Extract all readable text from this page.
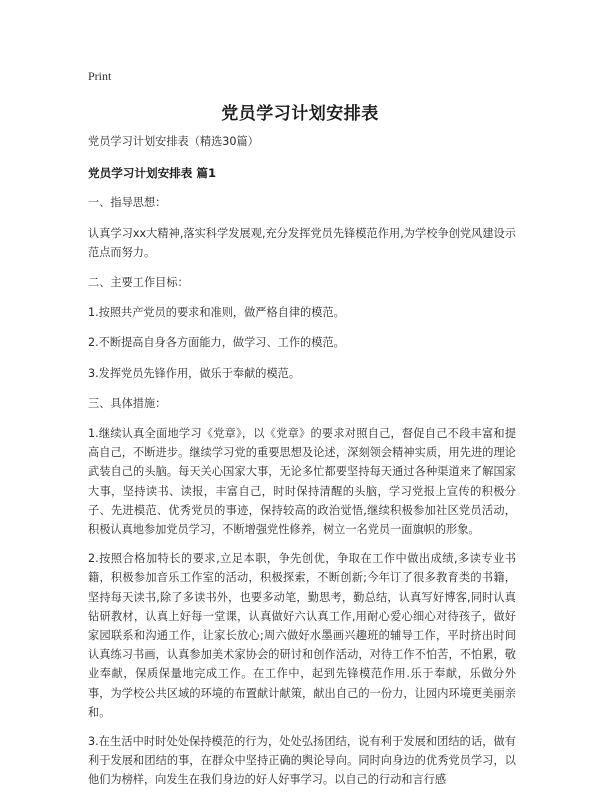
Print
党员学习计划安排表
党员学习计划安排表（精选30篇）
党员学习计划安排表 篇1

一、指导思想：

认真学习xx大精神,落实科学发展观,充分发挥党员先锋模范作用,为学校争创党风建设示范点而努力。

二、主要工作目标：

1.按照共产党员的要求和准则，做严格自律的模范。

2.不断提高自身各方面能力，做学习、工作的模范。

3.发挥党员先锋作用，做乐于奉献的模范。

三、具体措施：

1.继续认真全面地学习《党章》，以《党章》的要求对照自己，督促自己不段丰富和提高自己，不断进步。继续学习党的重要思想及论述，深刻领会精神实质，用先进的理论武装自己的头脑。每天关心国家大事，无论多忙都要坚持每天通过各种渠道来了解国家大事，坚持读书、读报，丰富自己，时时保持清醒的头脑，学习党报上宣传的积极分子、先进模范、优秀党员的事迹，保持较高的政治觉悟,继续积极参加社区党员活动，积极认真地参加党员学习，不断增强党性修养，树立一名党员一面旗帜的形象。

2.按照合格加特长的要求,立足本职，争先创优，争取在工作中做出成绩,多读专业书籍，积极参加音乐工作室的活动，积极探索，不断创新;今年订了很多教育类的书籍，坚持每天读书,除了多读书外，也要多动笔，勤思考，勤总结，认真写好博客,同时认真钻研教材，认真上好每一堂课，认真做好六认真工作,用耐心爱心细心对待孩子，做好家园联系和沟通工作，让家长放心;周六做好水墨画兴趣班的辅导工作，平时挤出时间认真练习书画，认真参加美术家协会的研讨和创作活动，对待工作不怕苦，不怕累，敬业奉献，保质保量地完成工作。在工作中，起到先锋模范作用.乐于奉献，乐做分外事，为学校公共区域的环境的布置献计献策，献出自己的一份力，让园内环境更美丽亲和。

3.在生活中时时处处保持模范的行为，处处弘扬团结，说有利于发展和团结的话，做有利于发展和团结的事，在群众中坚持正确的舆论导向。同时向身边的优秀党员学习，以他们为榜样，向发生在我们身边的好人好事学习。以自己的行动和言行感
